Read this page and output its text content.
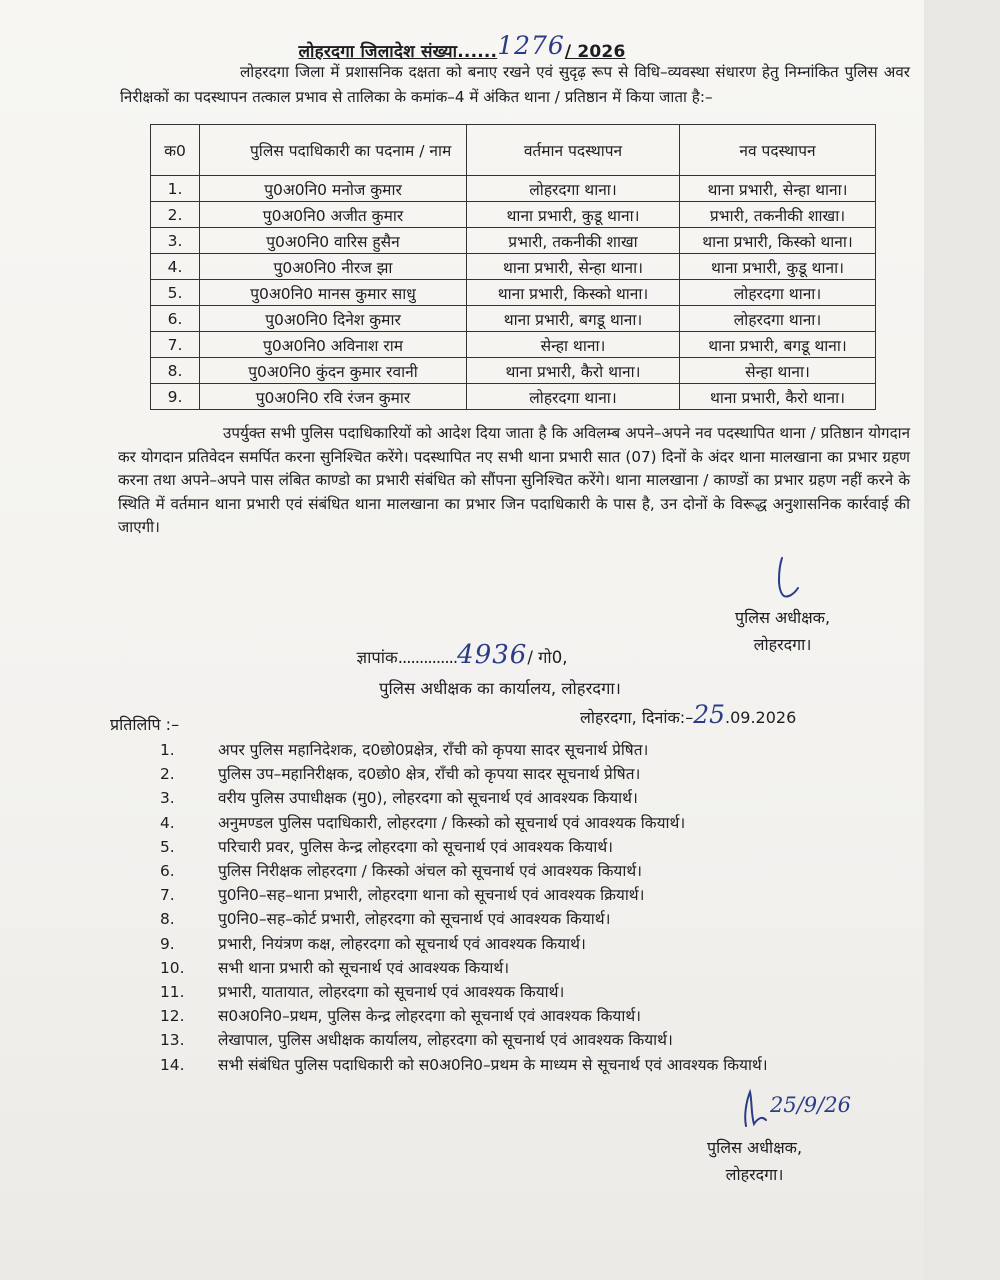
लोहरदगा जिलादेश संख्या......1276/ 2026
लोहरदगा जिला में प्रशासनिक दक्षता को बनाए रखने एवं सुदृढ़ रूप से विधि–व्यवस्था संधारण हेतु निम्नांकित पुलिस अवर निरीक्षकों का पदस्थापन तत्काल प्रभाव से तालिका के कमांक–4 में अंकित थाना / प्रतिष्ठान में किया जाता है:–
क0	पुलिस पदाधिकारी का पदनाम / नाम	वर्तमान पदस्थापन	नव पदस्थापन
1.	पु0अ0नि0 मनोज कुमार	लोहरदगा थाना।	थाना प्रभारी, सेन्हा थाना।
2.	पु0अ0नि0 अजीत कुमार	थाना प्रभारी, कुडू थाना।	प्रभारी, तकनीकी शाखा।
3.	पु0अ0नि0 वारिस हुसैन	प्रभारी, तकनीकी शाखा	थाना प्रभारी, किस्को थाना।
4.	पु0अ0नि0 नीरज झा	थाना प्रभारी, सेन्हा थाना।	थाना प्रभारी, कुडू थाना।
5.	पु0अ0नि0 मानस कुमार साधु	थाना प्रभारी, किस्को थाना।	लोहरदगा थाना।
6.	पु0अ0नि0 दिनेश कुमार	थाना प्रभारी, बगडू थाना।	लोहरदगा थाना।
7.	पु0अ0नि0 अविनाश राम	सेन्हा थाना।	थाना प्रभारी, बगडू थाना।
8.	पु0अ0नि0 कुंदन कुमार रवानी	थाना प्रभारी, कैरो थाना।	सेन्हा थाना।
9.	पु0अ0नि0 रवि रंजन कुमार	लोहरदगा थाना।	थाना प्रभारी, कैरो थाना।
उपर्युक्त सभी पुलिस पदाधिकारियों को आदेश दिया जाता है कि अविलम्ब अपने–अपने नव पदस्थापित थाना / प्रतिष्ठान योगदान कर योगदान प्रतिवेदन समर्पित करना सुनिश्चित करेंगे। पदस्थापित नए सभी थाना प्रभारी सात (07) दिनों के अंदर थाना मालखाना का प्रभार ग्रहण करना तथा अपने–अपने पास लंबित काण्डो का प्रभारी संबंधित को सौंपना सुनिश्चित करेंगे। थाना मालखाना / काण्डों का प्रभार ग्रहण नहीं करने के स्थिति में वर्तमान थाना प्रभारी एवं संबंधित थाना मालखाना का प्रभार जिन पदाधिकारी के पास है, उन दोनों के विरूद्ध अनुशासनिक कार्रवाई की जाएगी।
पुलिस अधीक्षक,
लोहरदगा।
ज्ञापांक..............4936/ गो0,
पुलिस अधीक्षक का कार्यालय, लोहरदगा।
लोहरदगा, दिनांक:–25.09.2026
प्रतिलिपि :–
1.	अपर पुलिस महानिदेशक, द0छो0प्रक्षेत्र, राँची को कृपया सादर सूचनार्थ प्रेषित।
2.	पुलिस उप–महानिरीक्षक, द0छो0 क्षेत्र, राँची को कृपया सादर सूचनार्थ प्रेषित।
3.	वरीय पुलिस उपाधीक्षक (मु0), लोहरदगा को सूचनार्थ एवं आवश्यक कियार्थ।
4.	अनुमण्डल पुलिस पदाधिकारी, लोहरदगा / किस्को को सूचनार्थ एवं आवश्यक कियार्थ।
5.	परिचारी प्रवर, पुलिस केन्द्र लोहरदगा को सूचनार्थ एवं आवश्यक कियार्थ।
6.	पुलिस निरीक्षक लोहरदगा / किस्को अंचल को सूचनार्थ एवं आवश्यक कियार्थ।
7.	पु0नि0–सह–थाना प्रभारी, लोहरदगा थाना को सूचनार्थ एवं आवश्यक क्रियार्थ।
8.	पु0नि0–सह–कोर्ट प्रभारी, लोहरदगा को सूचनार्थ एवं आवश्यक कियार्थ।
9.	प्रभारी, नियंत्रण कक्ष, लोहरदगा को सूचनार्थ एवं आवश्यक कियार्थ।
10.	सभी थाना प्रभारी को सूचनार्थ एवं आवश्यक कियार्थ।
11.	प्रभारी, यातायात, लोहरदगा को सूचनार्थ एवं आवश्यक कियार्थ।
12.	स0अ0नि0–प्रथम, पुलिस केन्द्र लोहरदगा को सूचनार्थ एवं आवश्यक कियार्थ।
13.	लेखापाल, पुलिस अधीक्षक कार्यालय, लोहरदगा को सूचनार्थ एवं आवश्यक कियार्थ।
14.	सभी संबंधित पुलिस पदाधिकारी को स0अ0नि0–प्रथम के माध्यम से सूचनार्थ एवं आवश्यक कियार्थ।
25/9/26
पुलिस अधीक्षक,
लोहरदगा।
